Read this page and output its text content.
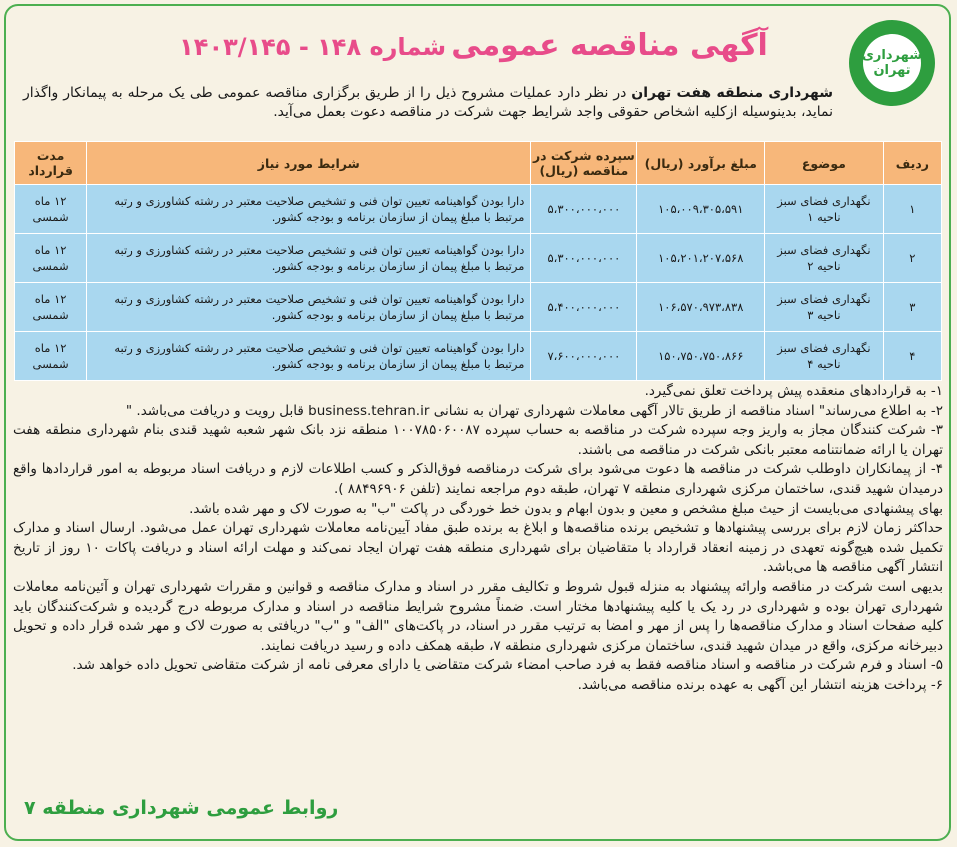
شهرداری
تهران
آگهی مناقصه عمومی شماره ۱۴۸ - ۱۴۰۳/۱۴۵
شهرداری منطقه هفت تهران در نظر دارد عملیات مشروح ذیل را از طریق برگزاری مناقصه عمومی طی یک مرحله به پیمانکار واگذار نماید، بدینوسیله ازکلیه اشخاص حقوقی واجد شرایط جهت شرکت در مناقصه دعوت بعمل می‌آید.
ردیف	موضوع	مبلغ برآورد (ریال)	سپرده شرکت در مناقصه (ریال)	شرایط مورد نیاز	مدت قرارداد
۱	نگهداری فضای سبز ناحیه ۱	۱۰۵،۰۰۹،۳۰۵،۵۹۱	۵،۳۰۰،۰۰۰،۰۰۰	دارا بودن گواهینامه تعیین توان فنی و تشخیص صلاحیت معتبر در رشته کشاورزی و رتبه مرتبط با مبلغ پیمان از سازمان برنامه و بودجه کشور.	۱۲ ماه شمسی
۲	نگهداری فضای سبز ناحیه ۲	۱۰۵،۲۰۱،۲۰۷،۵۶۸	۵،۳۰۰،۰۰۰،۰۰۰	دارا بودن گواهینامه تعیین توان فنی و تشخیص صلاحیت معتبر در رشته کشاورزی و رتبه مرتبط با مبلغ پیمان از سازمان برنامه و بودجه کشور.	۱۲ ماه شمسی
۳	نگهداری فضای سبز ناحیه ۳	۱۰۶،۵۷۰،۹۷۳،۸۳۸	۵،۴۰۰،۰۰۰،۰۰۰	دارا بودن گواهینامه تعیین توان فنی و تشخیص صلاحیت معتبر در رشته کشاورزی و رتبه مرتبط با مبلغ پیمان از سازمان برنامه و بودجه کشور.	۱۲ ماه شمسی
۴	نگهداری فضای سبز ناحیه ۴	۱۵۰،۷۵۰،۷۵۰،۸۶۶	۷،۶۰۰،۰۰۰،۰۰۰	دارا بودن گواهینامه تعیین توان فنی و تشخیص صلاحیت معتبر در رشته کشاورزی و رتبه مرتبط با مبلغ پیمان از سازمان برنامه و بودجه کشور.	۱۲ ماه شمسی

۱- به قراردادهای منعقده پیش پرداخت تعلق نمی‌گیرد.

۲- به اطلاع می‌رساند" اسناد مناقصه از طریق تالار آگهی معاملات شهرداری تهران به نشانی business.tehran.ir قابل رویت و دریافت می‌باشد. "

۳- شرکت کنندگان مجاز به واریز وجه سپرده شرکت در مناقصه به حساب سپرده ۱۰۰۷۸۵۰۶۰۰۸۷ منطقه نزد بانک شهر شعبه شهید قندی بنام شهرداری منطقه هفت تهران یا ارائه ضمانتنامه معتبر بانکی شرکت در مناقصه می باشند.

۴- از پیمانکاران داوطلب شرکت در مناقصه ها دعوت می‌شود برای شرکت درمناقصه فوق‌الذکر و کسب اطلاعات لازم و دریافت اسناد مربوطه به امور قراردادها واقع درمیدان شهید قندی، ساختمان مرکزی شهرداری منطقه ۷ تهران، طبقه دوم مراجعه نمایند (تلفن ۸۸۴۹۶۹۰۶ ).

بهای پیشنهادی می‌بایست از حیث مبلغ مشخص و معین و بدون ابهام و بدون خط خوردگی در پاکت "ب" به صورت لاک و مهر شده باشد.

حداکثر زمان لازم برای بررسی پیشنهادها و تشخیص برنده مناقصه‌ها و ابلاغ به برنده طبق مفاد آیین‌نامه معاملات شهرداری تهران عمل می‌شود. ارسال اسناد و مدارک تکمیل شده هیچ‌گونه تعهدی در زمینه انعقاد قرارداد با متقاضیان برای شهرداری منطقه هفت تهران ایجاد نمی‌کند و مهلت ارائه اسناد و دریافت پاکات ۱۰ روز از تاریخ انتشار آگهی مناقصه ها می‌باشد.

بدیهی است شرکت در مناقصه وارائه پیشنهاد به منزله قبول شروط و تکالیف مقرر در اسناد و مدارک مناقصه و قوانین و مقررات شهرداری تهران و آئین‌نامه معاملات شهرداری تهران بوده و شهرداری در رد یک یا کلیه پیشنهادها مختار است. ضمناً مشروح شرایط مناقصه در اسناد و مدارک مربوطه درج گردیده و شرکت‌کنندگان باید کلیه صفحات اسناد و مدارک مناقصه‌ها را پس از مهر و امضا به ترتیب مقرر در اسناد، در پاکت‌های "الف" و "ب" دریافتی به صورت لاک و مهر شده قرار داده و تحویل دبیرخانه مرکزی، واقع در میدان شهید قندی، ساختمان مرکزی شهرداری منطقه ۷، طبقه همکف داده و رسید دریافت نمایند.

۵- اسناد و فرم شرکت در مناقصه و اسناد مناقصه فقط به فرد صاحب امضاء شرکت متقاضی یا دارای معرفی نامه از شرکت متقاضی تحویل داده خواهد شد.

۶- پرداخت هزینه انتشار این آگهی به عهده برنده مناقصه می‌باشد.

روابط عمومی شهرداری منطقه ۷
